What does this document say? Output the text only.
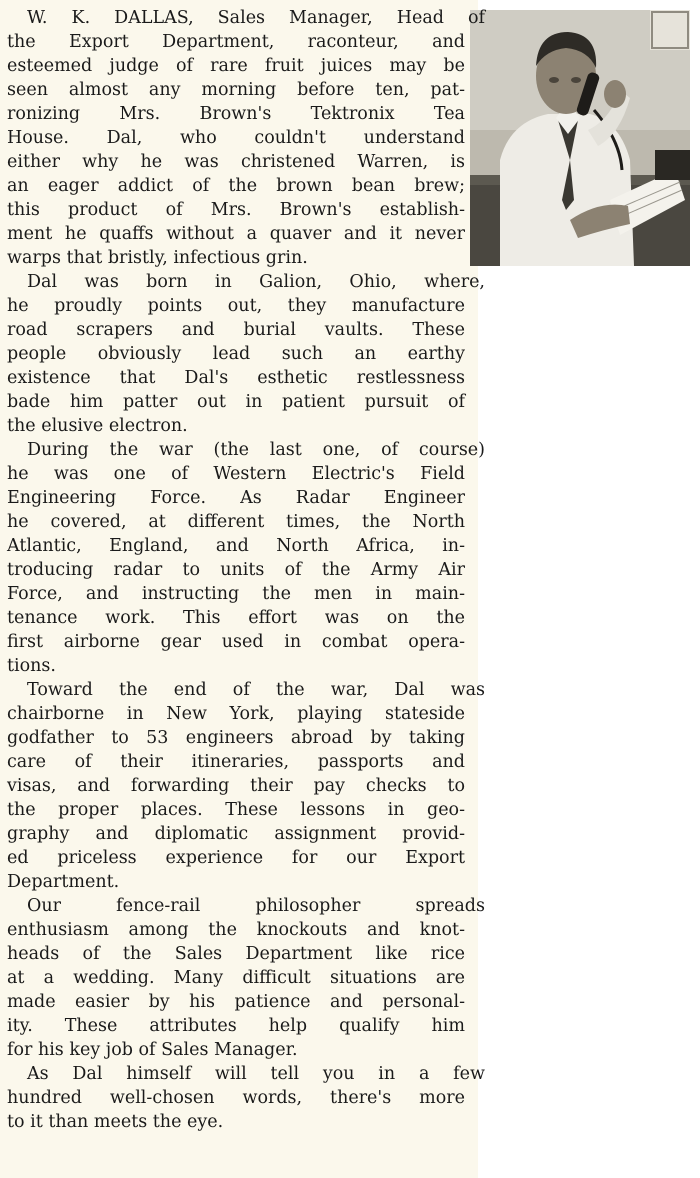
W. K. DALLAS, Sales Manager, Head of
the Export Department, raconteur, and
esteemed judge of rare fruit juices may be
seen almost any morning before ten, pat-
ronizing Mrs. Brown's Tektronix Tea
House. Dal, who couldn't understand
either why he was christened Warren, is
an eager addict of the brown bean brew;
this product of Mrs. Brown's establish-
ment he quaffs without a quaver and it never
warps that bristly, infectious grin.
Dal was born in Galion, Ohio, where,
he proudly points out, they manufacture
road scrapers and burial vaults. These
people obviously lead such an earthy
existence that Dal's esthetic restlessness
bade him patter out in patient pursuit of
the elusive electron.
During the war (the last one, of course)
he was one of Western Electric's Field
Engineering Force. As Radar Engineer
he covered, at different times, the North
Atlantic, England, and North Africa, in-
troducing radar to units of the Army Air
Force, and instructing the men in main-
tenance work. This effort was on the
first airborne gear used in combat opera-
tions.
Toward the end of the war, Dal was
chairborne in New York, playing stateside
godfather to 53 engineers abroad by taking
care of their itineraries, passports and
visas, and forwarding their pay checks to
the proper places. These lessons in geo-
graphy and diplomatic assignment provid-
ed priceless experience for our Export
Department.
Our fence-rail philosopher spreads
enthusiasm among the knockouts and knot-
heads of the Sales Department like rice
at a wedding. Many difficult situations are
made easier by his patience and personal-
ity. These attributes help qualify him
for his key job of Sales Manager.
As Dal himself will tell you in a few
hundred well-chosen words, there's more
to it than meets the eye.
